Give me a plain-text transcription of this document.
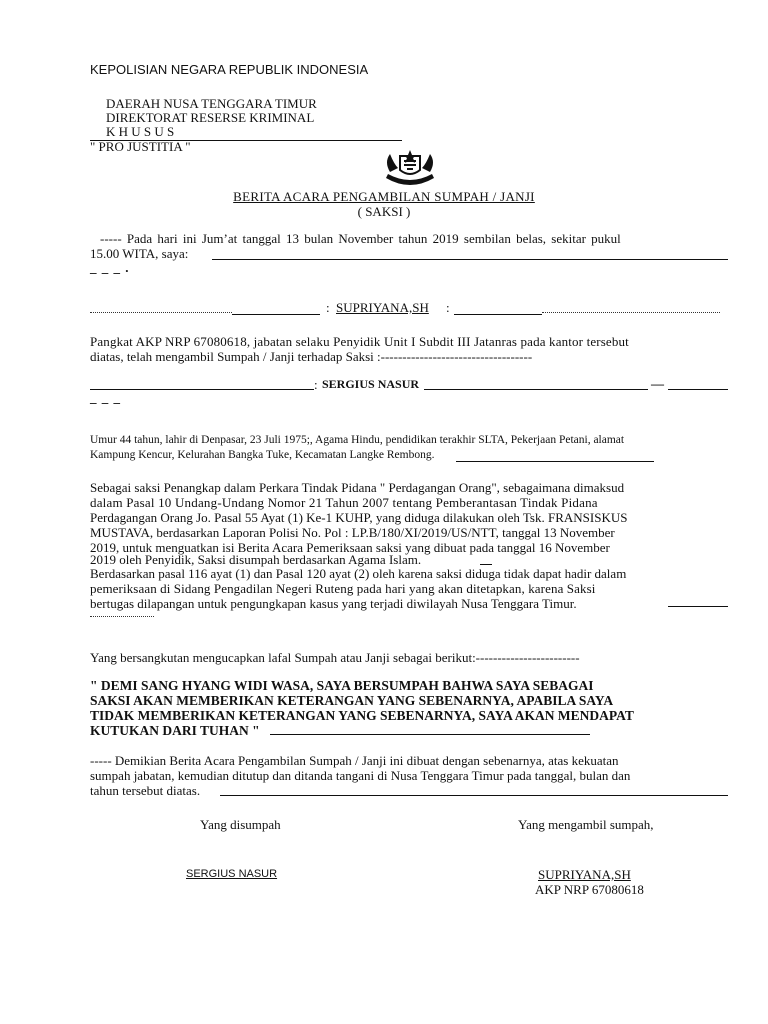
KEPOLISIAN NEGARA REPUBLIK INDONESIA
DAERAH NUSA TENGGARA TIMUR
DIREKTORAT RESERSE KRIMINAL
K H U S U S
" PRO JUSTITIA "
BERITA ACARA PENGAMBILAN SUMPAH / JANJI
( SAKSI )
----- Pada hari ini Jum’at tanggal 13 bulan November tahun 2019 sembilan belas, sekitar pukul
15.00 WITA, saya:
_ _ _ .
: SUPRIYANA,SH :
Pangkat AKP NRP 67080618, jabatan selaku Penyidik Unit I Subdit III Jatanras pada kantor tersebut
diatas, telah mengambil Sumpah / Janji terhadap Saksi :-----------------------------------
: SERGIUS NASUR	—
_ _ _
Umur 44 tahun, lahir di Denpasar, 23 Juli 1975;, Agama Hindu, pendidikan terakhir SLTA, Pekerjaan Petani, alamat
Kampung Kencur, Kelurahan Bangka Tuke, Kecamatan Langke Rembong.
Sebagai saksi Penangkap dalam Perkara Tindak Pidana " Perdagangan Orang", sebagaimana dimaksud
dalam Pasal 10 Undang-Undang Nomor 21 Tahun 2007 tentang Pemberantasan Tindak Pidana
Perdagangan Orang Jo. Pasal 55 Ayat (1) Ke-1 KUHP, yang diduga dilakukan oleh Tsk. FRANSISKUS
MUSTAVA, berdasarkan Laporan Polisi No. Pol : LP.B/180/XI/2019/US/NTT, tanggal 13 November
2019, untuk menguatkan isi Berita Acara Pemeriksaan saksi yang dibuat pada tanggal 16 November
2019 oleh Penyidik, Saksi disumpah berdasarkan Agama Islam.
Berdasarkan pasal 116 ayat (1) dan Pasal 120 ayat (2) oleh karena saksi diduga tidak dapat hadir dalam
pemeriksaan di Sidang Pengadilan Negeri Ruteng pada hari yang akan ditetapkan, karena Saksi
bertugas dilapangan untuk pengungkapan kasus yang terjadi diwilayah Nusa Tenggara Timur.
Yang bersangkutan mengucapkan lafal Sumpah atau Janji sebagai berikut:------------------------
" DEMI SANG HYANG WIDI WASA, SAYA BERSUMPAH BAHWA SAYA SEBAGAI
SAKSI AKAN MEMBERIKAN KETERANGAN YANG SEBENARNYA, APABILA SAYA
TIDAK MEMBERIKAN KETERANGAN YANG SEBENARNYA, SAYA AKAN MENDAPAT
KUTUKAN DARI TUHAN "
----- Demikian Berita Acara Pengambilan Sumpah / Janji ini dibuat dengan sebenarnya, atas kekuatan
sumpah jabatan, kemudian ditutup dan ditanda tangani di Nusa Tenggara Timur pada tanggal, bulan dan
tahun tersebut diatas.
Yang disumpah
SERGIUS NASUR
Yang mengambil sumpah,
SUPRIYANA,SH
AKP NRP 67080618
